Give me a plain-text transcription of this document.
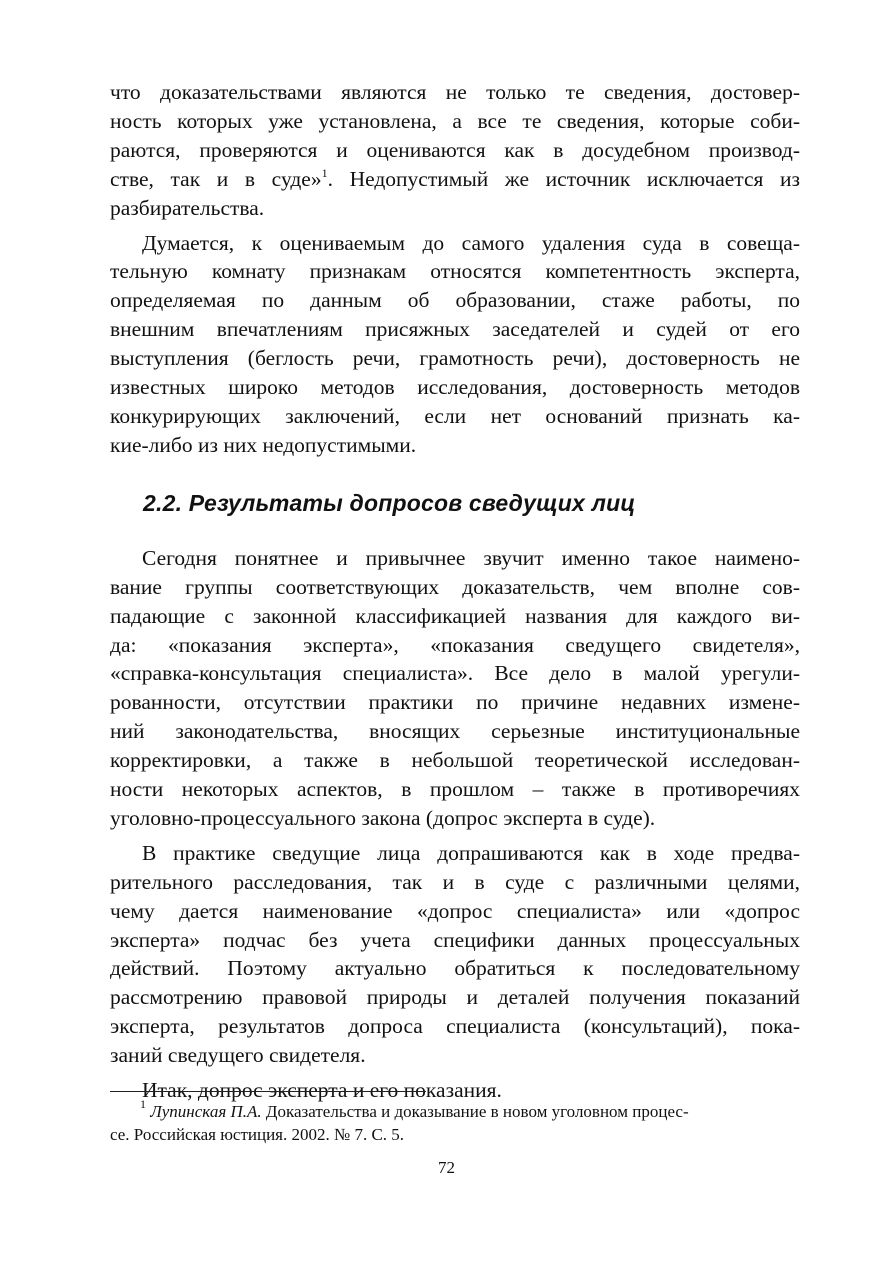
что доказательствами являются не только те сведения, достовер-
ность которых уже установлена, а все те сведения, которые соби-
раются, проверяются и оцениваются как в досудебном производ-
стве, так и в суде»$^1$. Недопустимый же источник исключается из
разбирательства.

Думается, к оцениваемым до самого удаления суда в совеща-
тельную комнату признакам относятся компетентность эксперта,
определяемая по данным об образовании, стаже работы, по
внешним впечатлениям присяжных заседателей и судей от его
выступления (беглость речи, грамотность речи), достоверность не
известных широко методов исследования, достоверность методов
конкурирующих заключений, если нет оснований признать ка-
кие-либо из них недопустимыми.

2.2. Результаты допросов сведущих лиц

Сегодня понятнее и привычнее звучит именно такое наимено-
вание группы соответствующих доказательств, чем вполне сов-
падающие с законной классификацией названия для каждого ви-
да: «показания эксперта», «показания сведущего свидетеля»,
«справка-консультация специалиста». Все дело в малой урегули-
рованности, отсутствии практики по причине недавних измене-
ний законодательства, вносящих серьезные институциональные
корректировки, а также в небольшой теоретической исследован-
ности некоторых аспектов, в прошлом – также в противоречиях
уголовно-процессуального закона (допрос эксперта в суде).

В практике сведущие лица допрашиваются как в ходе предва-
рительного расследования, так и в суде с различными целями,
чему дается наименование «допрос специалиста» или «допрос
эксперта» подчас без учета специфики данных процессуальных
действий. Поэтому актуально обратиться к последовательному
рассмотрению правовой природы и деталей получения показаний
эксперта, результатов допроса специалиста (консультаций), пока-
заний сведущего свидетеля.

Итак, допрос эксперта и его показания.

$^1$ Лупинская П.А. Доказательства и доказывание в новом уголовном процес-
се. Российская юстиция. 2002. № 7. С. 5.
72
